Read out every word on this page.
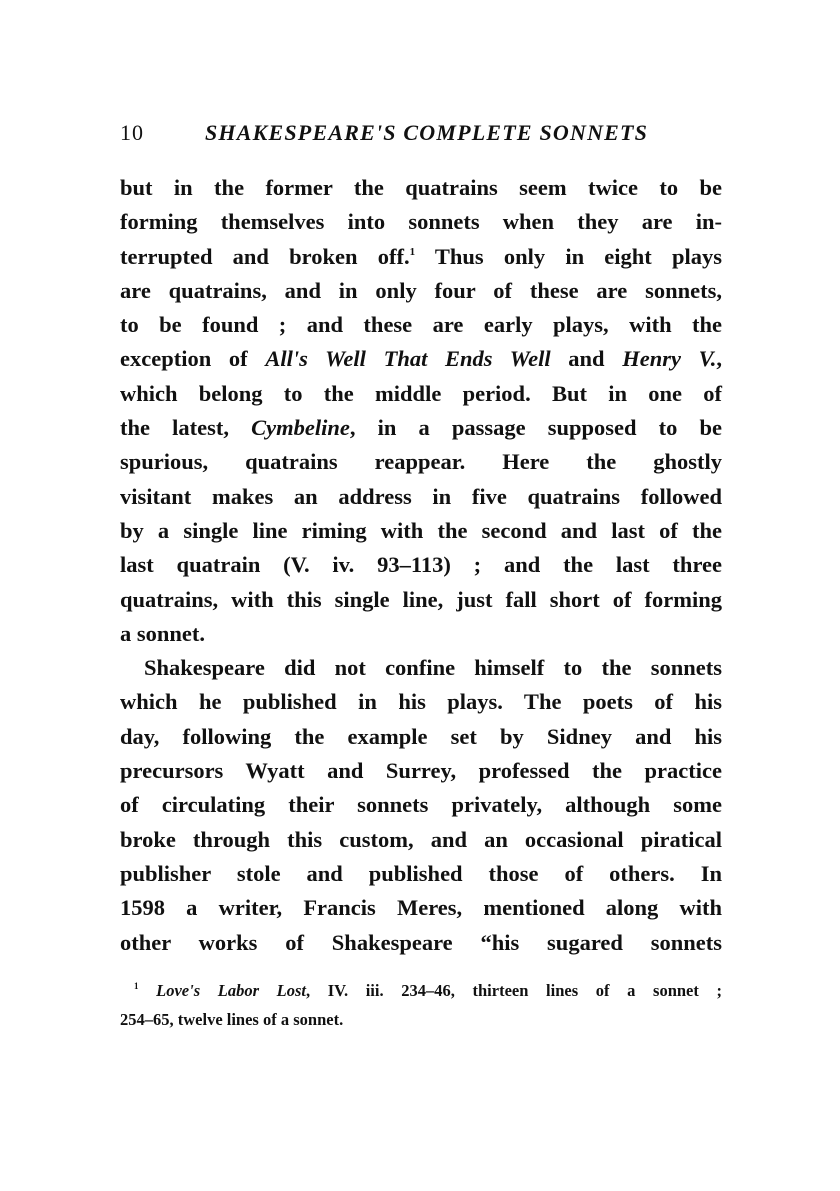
10	SHAKESPEARE'S COMPLETE SONNETS
but in the former the quatrains seem twice to be
forming themselves into sonnets when they are in-
terrupted and broken off.$^1$ Thus only in eight plays
are quatrains, and in only four of these are sonnets,
to be found ; and these are early plays, with the
exception of All's Well That Ends Well and Henry V.,
which belong to the middle period. But in one of
the latest, Cymbeline, in a passage supposed to be
spurious, quatrains reappear. Here the ghostly
visitant makes an address in five quatrains followed
by a single line riming with the second and last of the
last quatrain (V. iv. 93–113) ; and the last three
quatrains, with this single line, just fall short of forming
a sonnet.
Shakespeare did not confine himself to the sonnets
which he published in his plays. The poets of his
day, following the example set by Sidney and his
precursors Wyatt and Surrey, professed the practice
of circulating their sonnets privately, although some
broke through this custom, and an occasional piratical
publisher stole and published those of others. In
1598 a writer, Francis Meres, mentioned along with
other works of Shakespeare “his sugared sonnets
$^1$ Love's Labor Lost, IV. iii. 234–46, thirteen lines of a sonnet ;
254–65, twelve lines of a sonnet.
